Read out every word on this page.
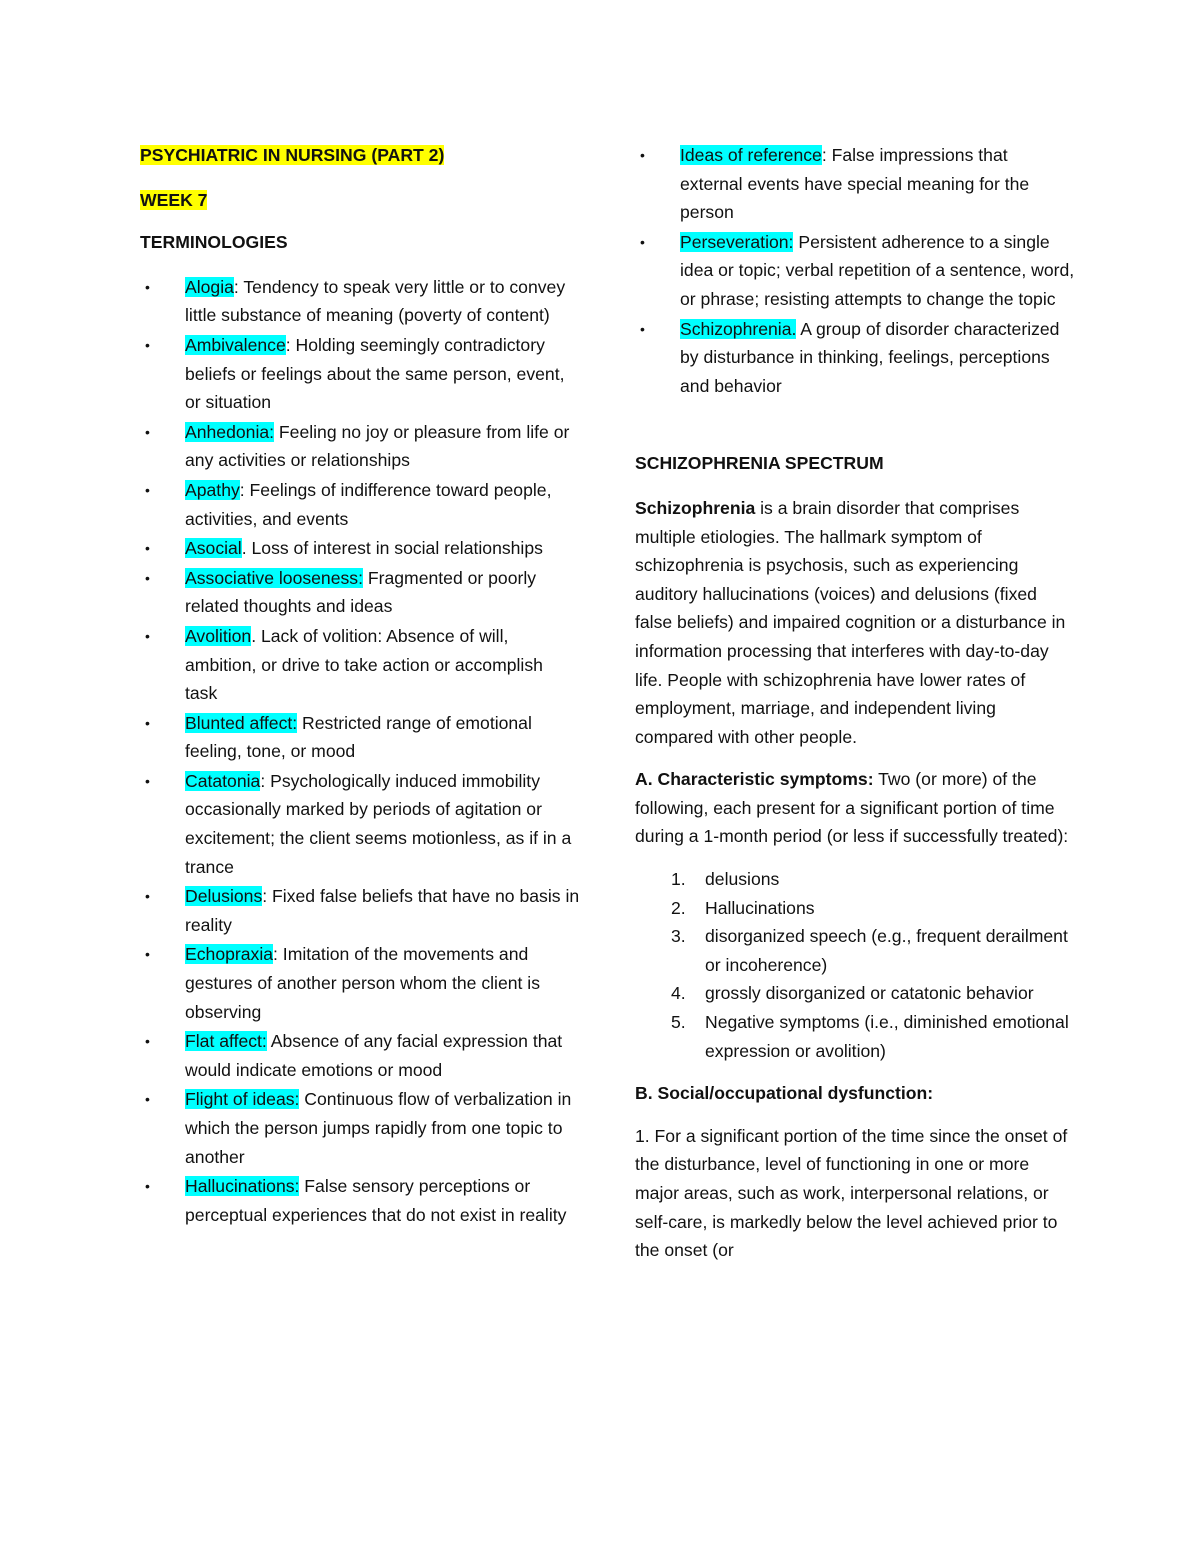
PSYCHIATRIC IN NURSING (PART 2)

WEEK 7

TERMINOLOGIES

• Alogia: Tendency to speak very little or to convey little substance of meaning (poverty of content)
• Ambivalence: Holding seemingly contradictory beliefs or feelings about the same person, event, or situation
• Anhedonia: Feeling no joy or pleasure from life or any activities or relationships
• Apathy: Feelings of indifference toward people, activities, and events
• Asocial. Loss of interest in social relationships
• Associative looseness: Fragmented or poorly related thoughts and ideas
• Avolition. Lack of volition: Absence of will, ambition, or drive to take action or accomplish task
• Blunted affect: Restricted range of emotional feeling, tone, or mood
• Catatonia: Psychologically induced immobility occasionally marked by periods of agitation or excitement; the client seems motionless, as if in a trance
• Delusions: Fixed false beliefs that have no basis in reality
• Echopraxia: Imitation of the movements and gestures of another person whom the client is observing
• Flat affect: Absence of any facial expression that would indicate emotions or mood
• Flight of ideas: Continuous flow of verbalization in which the person jumps rapidly from one topic to another
• Hallucinations: False sensory perceptions or perceptual experiences that do not exist in reality
• Ideas of reference: False impressions that external events have special meaning for the person
• Perseveration: Persistent adherence to a single idea or topic; verbal repetition of a sentence, word, or phrase; resisting attempts to change the topic
• Schizophrenia. A group of disorder characterized by disturbance in thinking, feelings, perceptions and behavior

SCHIZOPHRENIA SPECTRUM

Schizophrenia is a brain disorder that comprises multiple etiologies. The hallmark symptom of schizophrenia is psychosis, such as experiencing auditory hallucinations (voices) and delusions (fixed false beliefs) and impaired cognition or a disturbance in information processing that interferes with day-to-day life. People with schizophrenia have lower rates of employment, marriage, and independent living compared with other people.

A. Characteristic symptoms: Two (or more) of the following, each present for a significant portion of time during a 1-month period (or less if successfully treated):

1. delusions
2. Hallucinations
3. disorganized speech (e.g., frequent derailment or incoherence)
4. grossly disorganized or catatonic behavior
5. Negative symptoms (i.e., diminished emotional expression or avolition)

B. Social/occupational dysfunction:

1. For a significant portion of the time since the onset of the disturbance, level of functioning in one or more major areas, such as work, interpersonal relations, or self-care, is markedly below the level achieved prior to the onset (or
